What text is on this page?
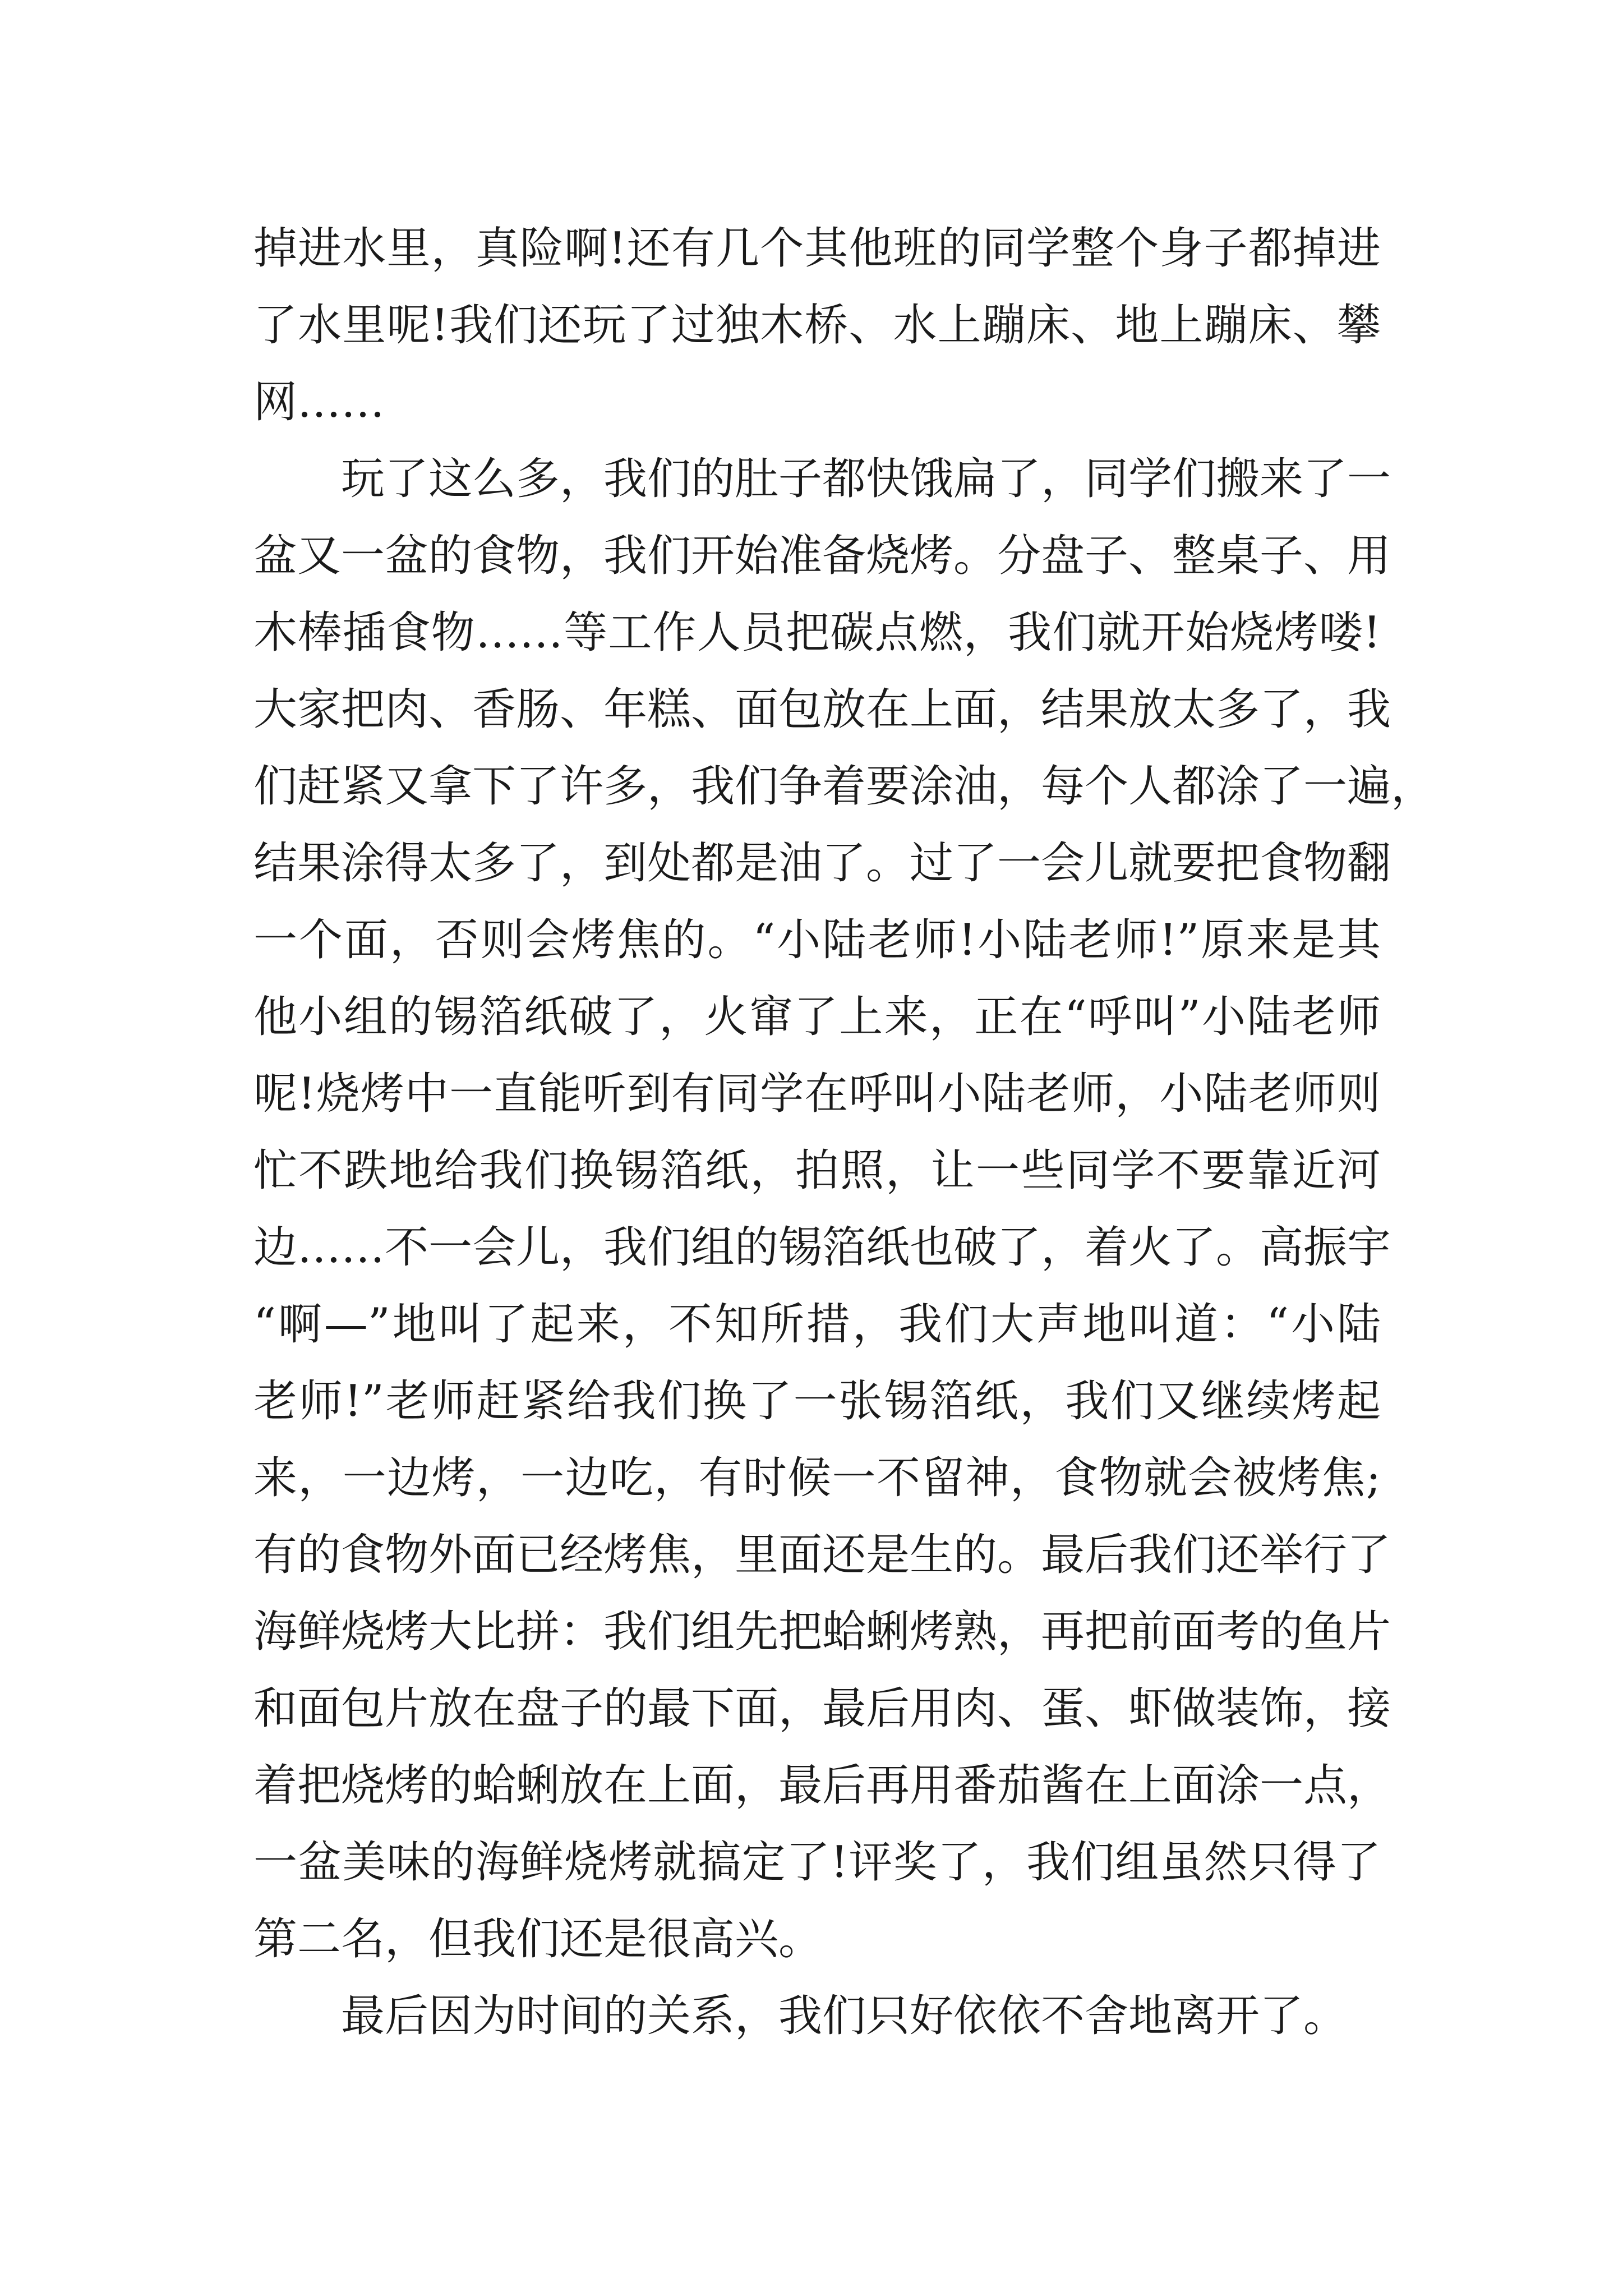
掉进水里，真险啊!还有几个其他班的同学整个身子都掉进
了水里呢!我们还玩了过独木桥、水上蹦床、地上蹦床、攀
网……
玩了这么多，我们的肚子都快饿扁了，同学们搬来了一
盆又一盆的食物，我们开始准备烧烤。分盘子、整桌子、用
木棒插食物……等工作人员把碳点燃，我们就开始烧烤喽!
大家把肉、香肠、年糕、面包放在上面，结果放太多了，我
们赶紧又拿下了许多，我们争着要涂油，每个人都涂了一遍，
结果涂得太多了，到处都是油了。过了一会儿就要把食物翻
一个面，否则会烤焦的。“小陆老师!小陆老师!”原来是其
他小组的锡箔纸破了，火窜了上来，正在“呼叫”小陆老师
呢!烧烤中一直能听到有同学在呼叫小陆老师，小陆老师则
忙不跌地给我们换锡箔纸，拍照，让一些同学不要靠近河
边……不一会儿，我们组的锡箔纸也破了，着火了。高振宇
“啊—”地叫了起来，不知所措，我们大声地叫道：“小陆
老师!”老师赶紧给我们换了一张锡箔纸，我们又继续烤起
来，一边烤，一边吃，有时候一不留神，食物就会被烤焦;
有的食物外面已经烤焦，里面还是生的。最后我们还举行了
海鲜烧烤大比拼：我们组先把蛤蜊烤熟，再把前面考的鱼片
和面包片放在盘子的最下面，最后用肉、蛋、虾做装饰，接
着把烧烤的蛤蜊放在上面，最后再用番茄酱在上面涂一点，
一盆美味的海鲜烧烤就搞定了!评奖了，我们组虽然只得了
第二名，但我们还是很高兴。
最后因为时间的关系，我们只好依依不舍地离开了。
